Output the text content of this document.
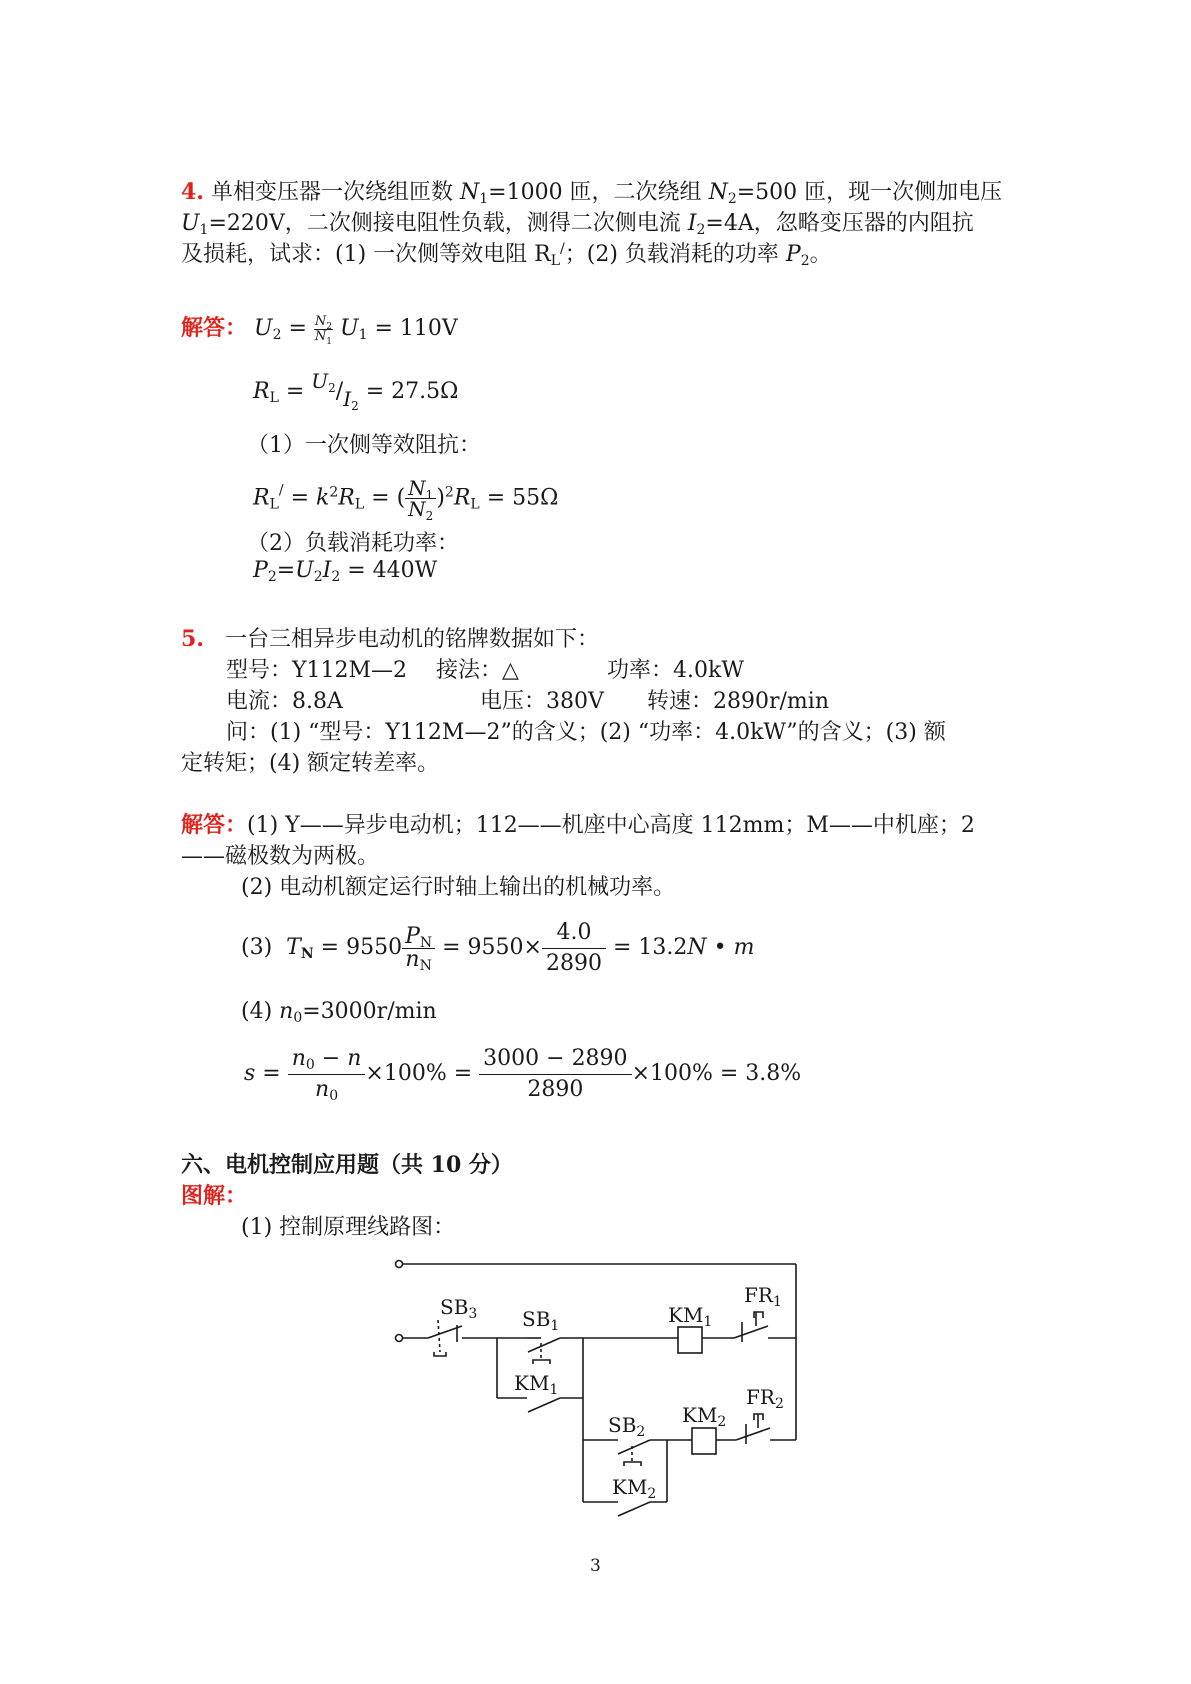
4. 单相变压器一次绕组匝数 $N_1=1000$ 匝，二次绕组 $N_2=500$ 匝，现一次侧加电压
$U_1=220V$，二次侧接电阻性负载，测得二次侧电流 $I_2=4A$，忽略变压器的内阻抗
及损耗，试求：(1) 一次侧等效电阻 $R_L^/$；(2) 负载消耗的功率 $P_2$。
解答： $U_2 = \frac{N_2}{N_1} U_1 = 110V$
$R_L = ^{U_2}/_{I_2} = 27.5\Omega$
（1）一次侧等效阻抗：
$R_L^/ = k^2R_L$ = ( $\frac{N_1}{N_2} )^2R_L = 55\Omega$
（2）负载消耗功率：
$P_2=U_2I_2 = 440W$
5. 一台三相异步电动机的铭牌数据如下：
型号：Y112M—2 接法：△	功率：4.0kW
电流：8.8A	电压：380V 转速：2890r/min
问：(1) “型号：Y112M—2”的含义；(2) “功率：4.0kW”的含义；(3) 额
定转矩；(4) 额定转差率。
解答：(1) Y——异步电动机；112——机座中心高度 112mm；M——中机座；2
——磁极数为两极。
(2) 电动机额定运行时轴上输出的机械功率。
(3) $T_N = 9550 \frac{P_N}{n_N} = 9550\times \frac{4.0}{2890} = 13.2N$ • m
(4) $n_0=3000r/\min$
$s = \frac{n_0 - n}{n_0} \times 100\% = \frac{3000 - 2890}{2890} \times 100\% = 3.8\%$
六、电机控制应用题（共 10 分）
图解：
(1) 控制原理线路图：
$SB_3$ $SB_1$	$KM_1$
$FR_1$
$KM_1$
$SB_2$
$KM_2$
$FR_2$
$KM_2$
3
